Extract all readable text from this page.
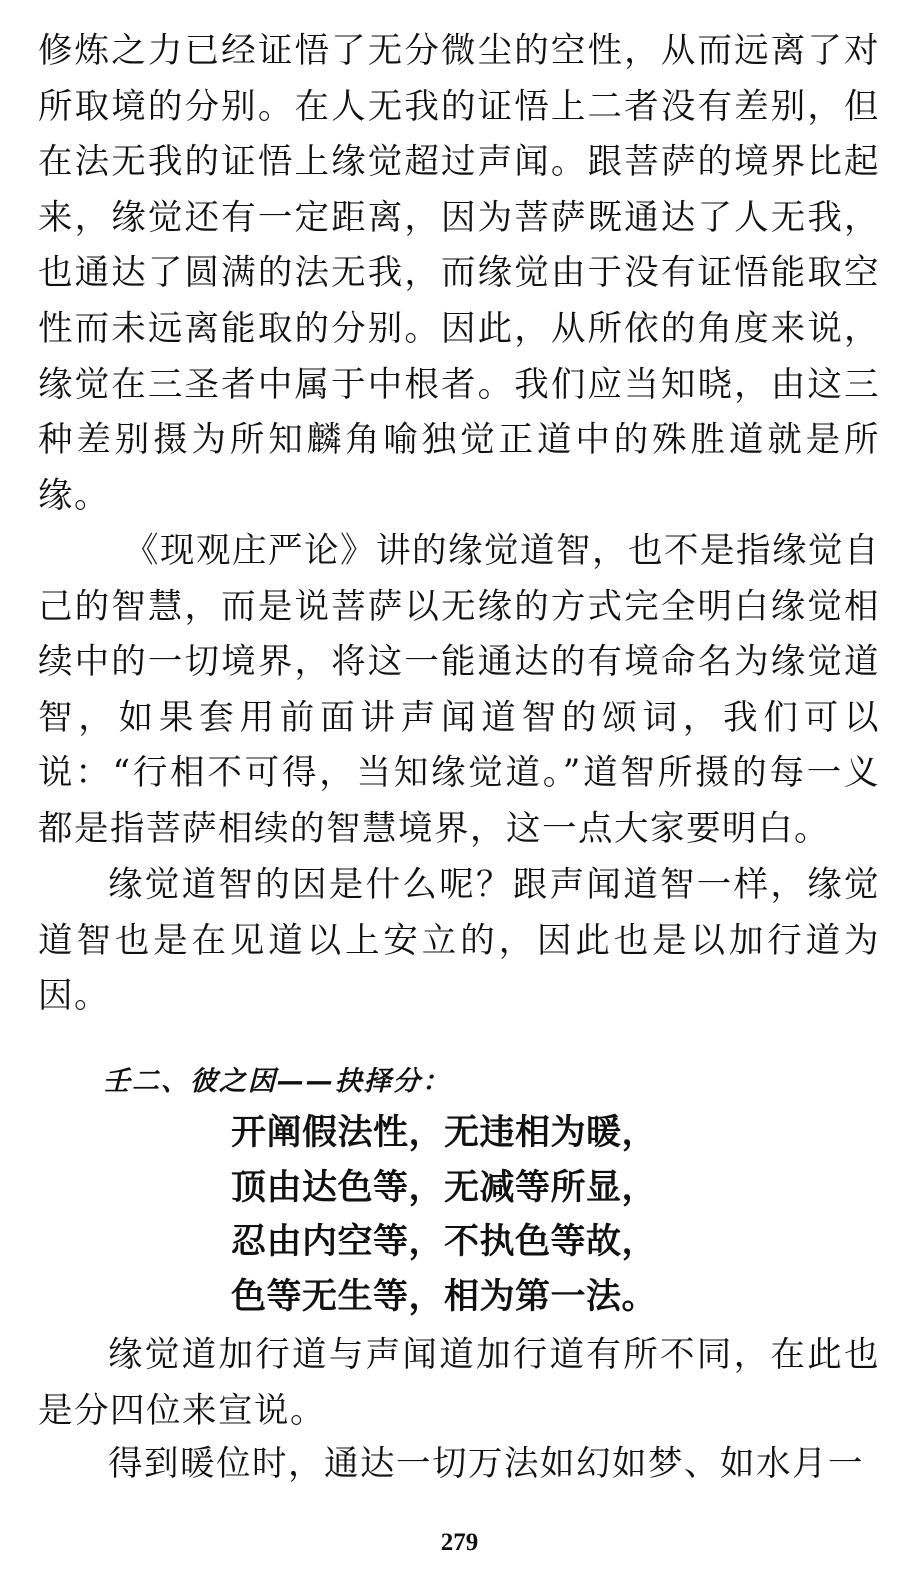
修炼之力已经证悟了无分微尘的空性，从而远离了对所取境的分别。在人无我的证悟上二者没有差别，但在法无我的证悟上缘觉超过声闻。跟菩萨的境界比起来，缘觉还有一定距离，因为菩萨既通达了人无我，也通达了圆满的法无我，而缘觉由于没有证悟能取空性而未远离能取的分别。因此，从所依的角度来说，缘觉在三圣者中属于中根者。我们应当知晓，由这三种差别摄为所知麟角喻独觉正道中的殊胜道就是所缘。

《现观庄严论》讲的缘觉道智，也不是指缘觉自己的智慧，而是说菩萨以无缘的方式完全明白缘觉相续中的一切境界，将这一能通达的有境命名为缘觉道智，如果套用前面讲声闻道智的颂词，我们可以说：“行相不可得，当知缘觉道。”道智所摄的每一义都是指菩萨相续的智慧境界，这一点大家要明白。

缘觉道智的因是什么呢？跟声闻道智一样，缘觉道智也是在见道以上安立的，因此也是以加行道为因。

壬二、彼之因——抉择分：
开阐假法性，无违相为暖，
顶由达色等，无减等所显，
忍由内空等，不执色等故，
色等无生等，相为第一法。

缘觉道加行道与声闻道加行道有所不同，在此也是分四位来宣说。

得到暖位时，通达一切万法如幻如梦、如水月一

279
